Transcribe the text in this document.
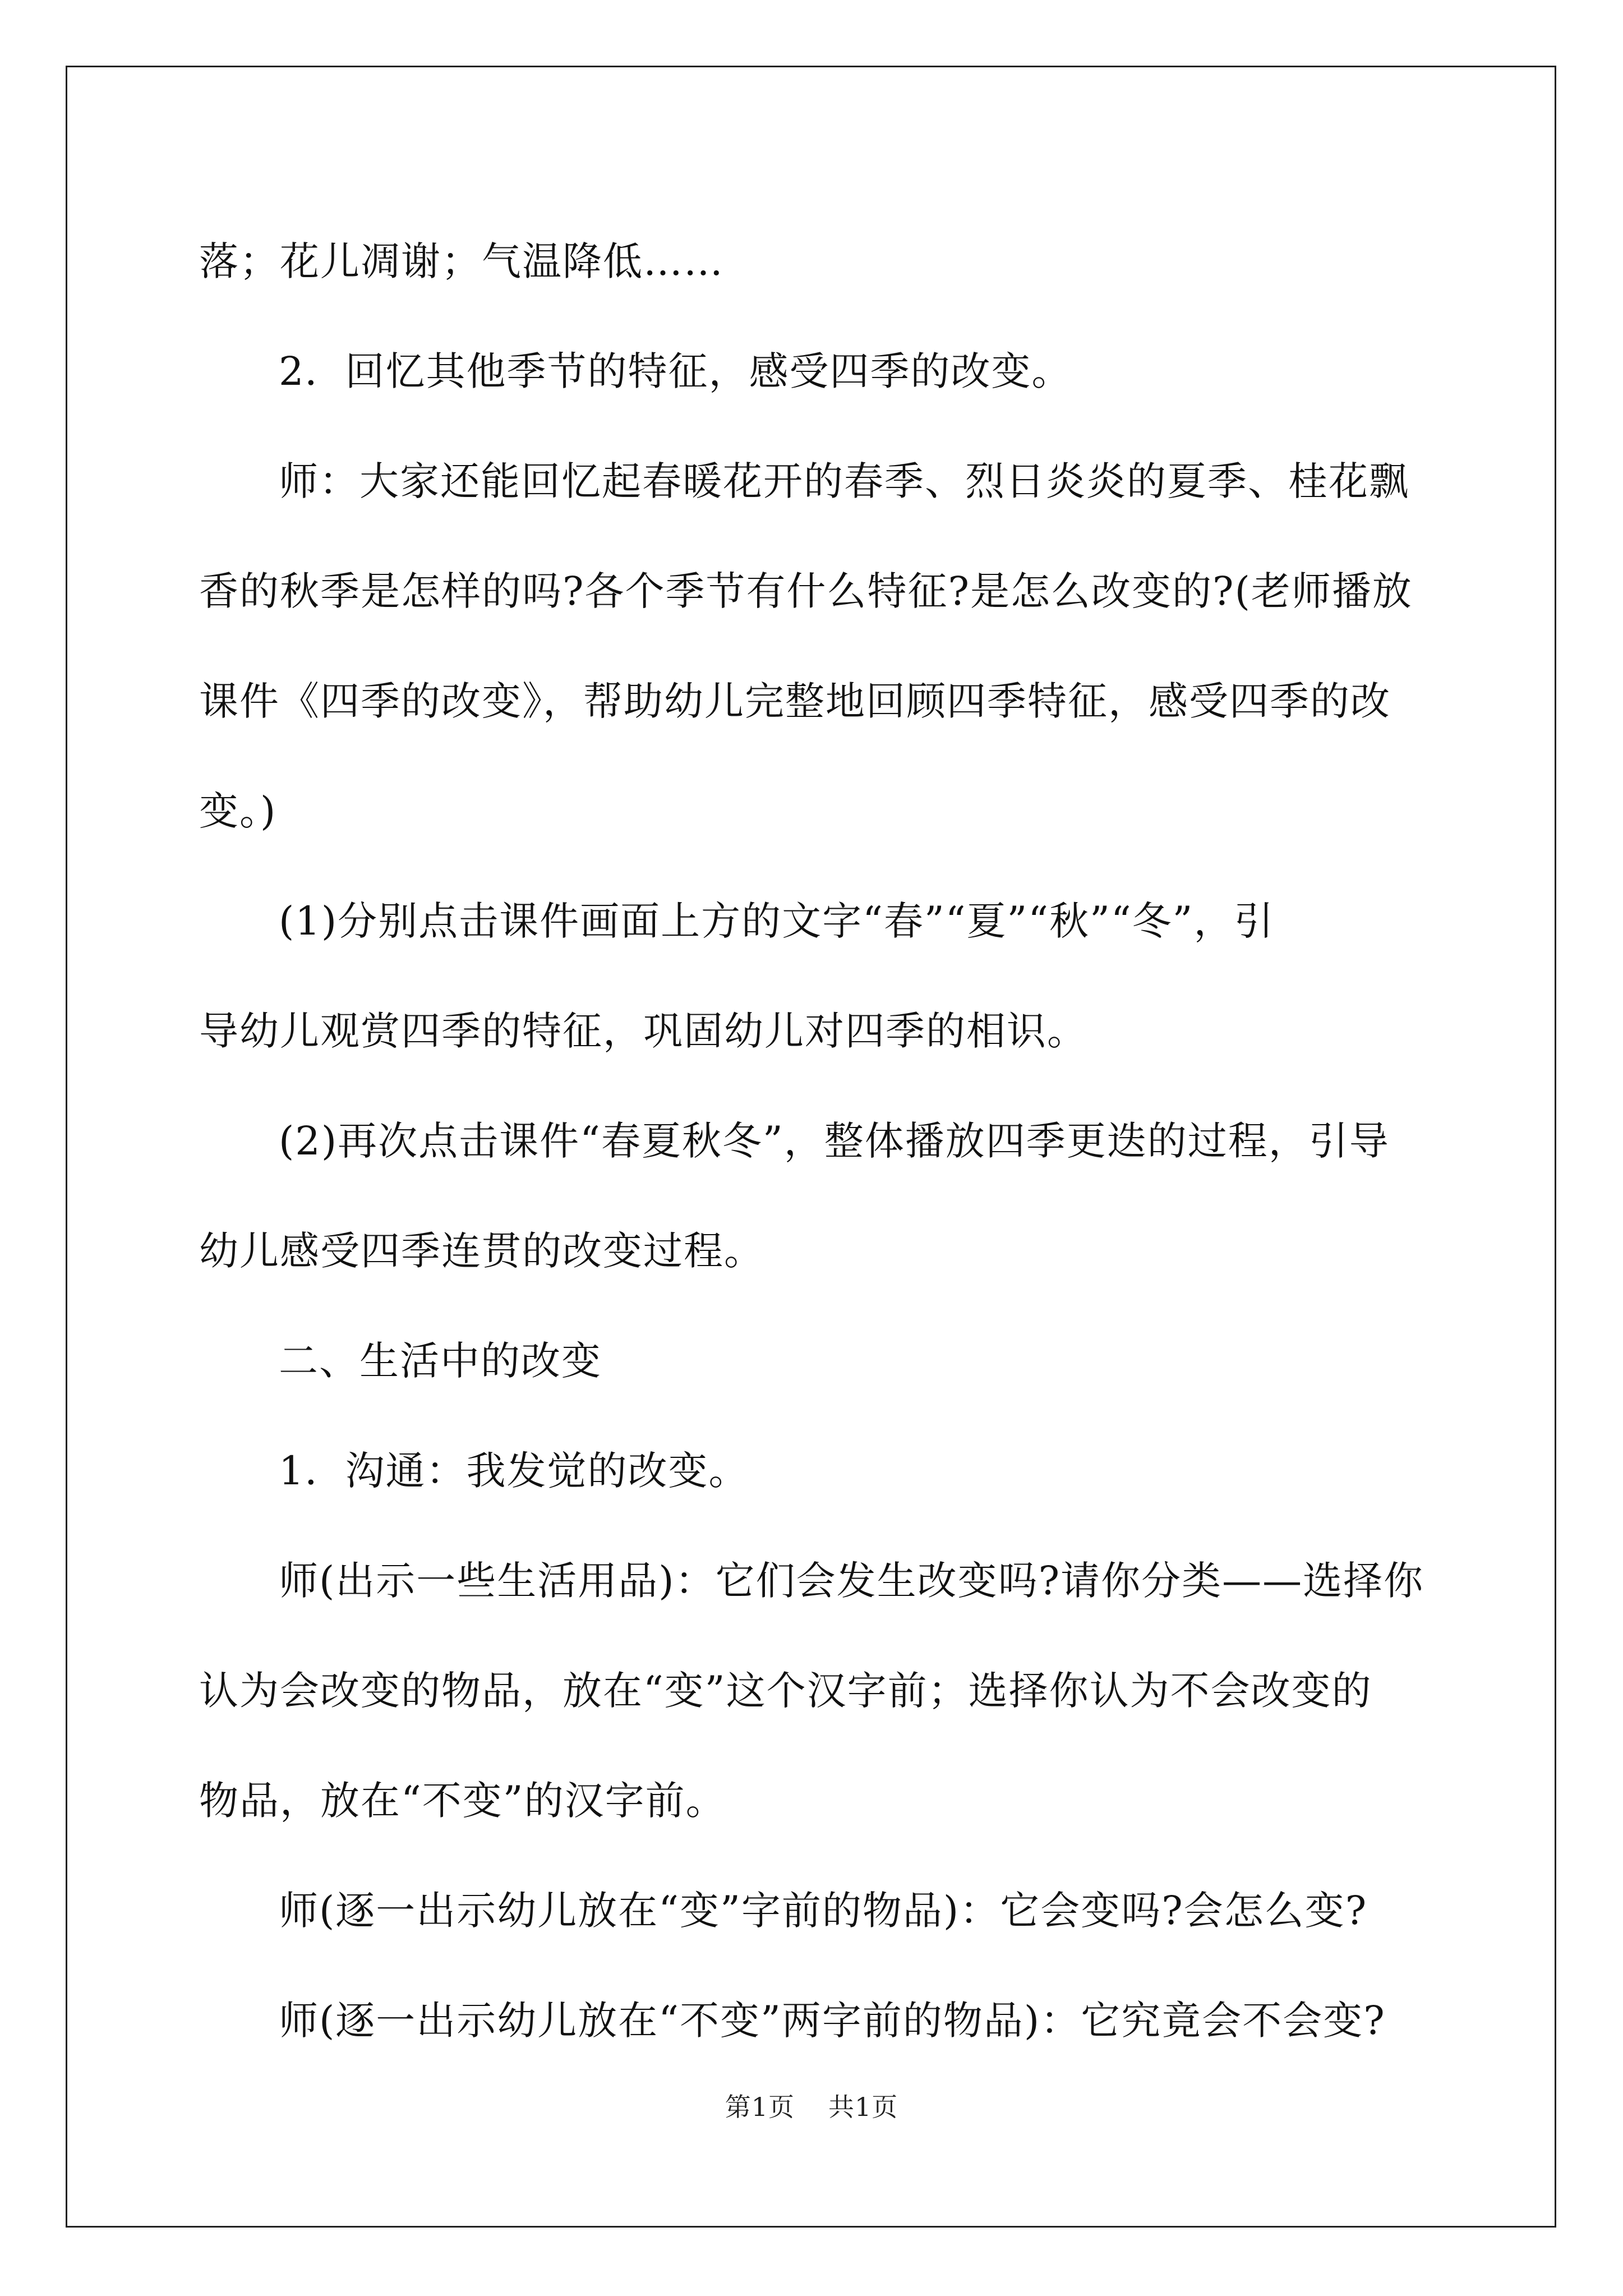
落；花儿凋谢；气温降低……

2．回忆其他季节的特征，感受四季的改变。

师：大家还能回忆起春暖花开的春季、烈日炎炎的夏季、桂花飘

香的秋季是怎样的吗?各个季节有什么特征?是怎么改变的?(老师播放

课件《四季的改变》，帮助幼儿完整地回顾四季特征，感受四季的改

变。)

(1)分别点击课件画面上方的文字“春”“夏”“秋”“冬”，引

导幼儿观赏四季的特征，巩固幼儿对四季的相识。

(2)再次点击课件“春夏秋冬”，整体播放四季更迭的过程，引导

幼儿感受四季连贯的改变过程。

二、生活中的改变

1．沟通：我发觉的改变。

师(出示一些生活用品)：它们会发生改变吗?请你分类——选择你

认为会改变的物品，放在“变”这个汉字前；选择你认为不会改变的

物品，放在“不变”的汉字前。

师(逐一出示幼儿放在“变”字前的物品)：它会变吗?会怎么变?

师(逐一出示幼儿放在“不变”两字前的物品)：它究竟会不会变?

第1页 共1页
